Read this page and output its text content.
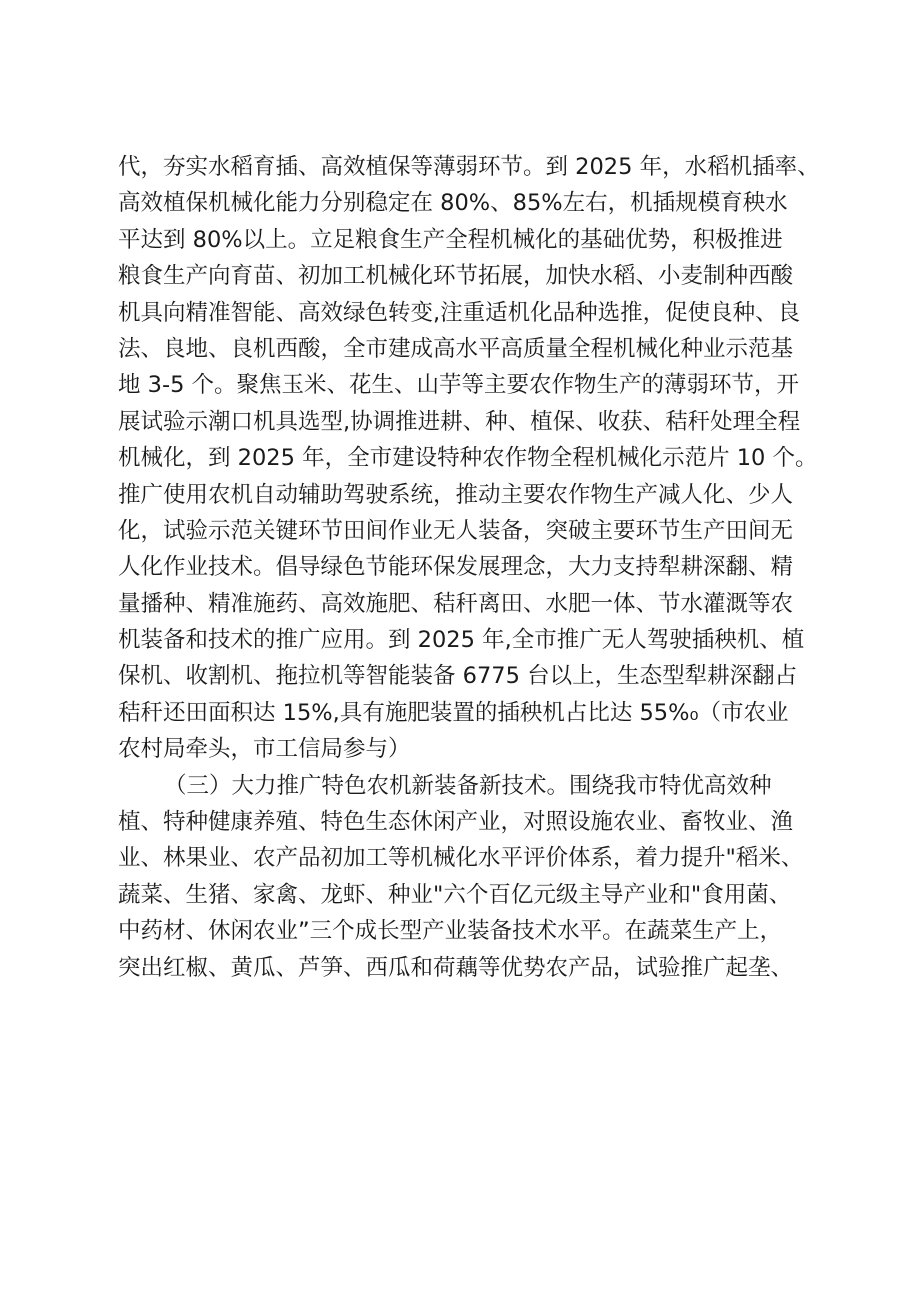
代，夯实水稻育插、高效植保等薄弱环节。到 2025 年，水稻机插率、
高效植保机械化能力分别稳定在 80%、85%左右，机插规模育秧水
平达到 80%以上。立足粮食生产全程机械化的基础优势，积极推进
粮食生产向育苗、初加工机械化环节拓展，加快水稻、小麦制种西酸
机具向精准智能、高效绿色转变,注重适机化品种选推，促使良种、良
法、良地、良机西酸，全市建成高水平高质量全程机械化种业示范基
地 3-5 个。聚焦玉米、花生、山芋等主要农作物生产的薄弱环节，开
展试验示潮口机具选型,协调推进耕、种、植保、收获、秸秆处理全程
机械化，到 2025 年，全市建设特种农作物全程机械化示范片 10 个。
推广使用农机自动辅助驾驶系统，推动主要农作物生产减人化、少人
化，试验示范关键环节田间作业无人装备，突破主要环节生产田间无
人化作业技术。倡导绿色节能环保发展理念，大力支持犁耕深翻、精
量播种、精准施药、高效施肥、秸秆离田、水肥一体、节水灌溉等农
机装备和技术的推广应用。到 2025 年,全市推广无人驾驶插秧机、植
保机、收割机、拖拉机等智能装备 6775 台以上，生态型犁耕深翻占
秸秆还田面积达 15%,具有施肥装置的插秧机占比达 55%₀（市农业
农村局牵头，市工信局参与）
（三）大力推广特色农机新装备新技术。围绕我市特优高效种
植、特种健康养殖、特色生态休闲产业，对照设施农业、畜牧业、渔
业、林果业、农产品初加工等机械化水平评价体系，着力提升"稻米、
蔬菜、生猪、家禽、龙虾、种业"六个百亿元级主导产业和"食用菌、
中药材、休闲农业”三个成长型产业装备技术水平。在蔬菜生产上，
突出红椒、黄瓜、芦笋、西瓜和荷藕等优势农产品，试验推广起垄、
